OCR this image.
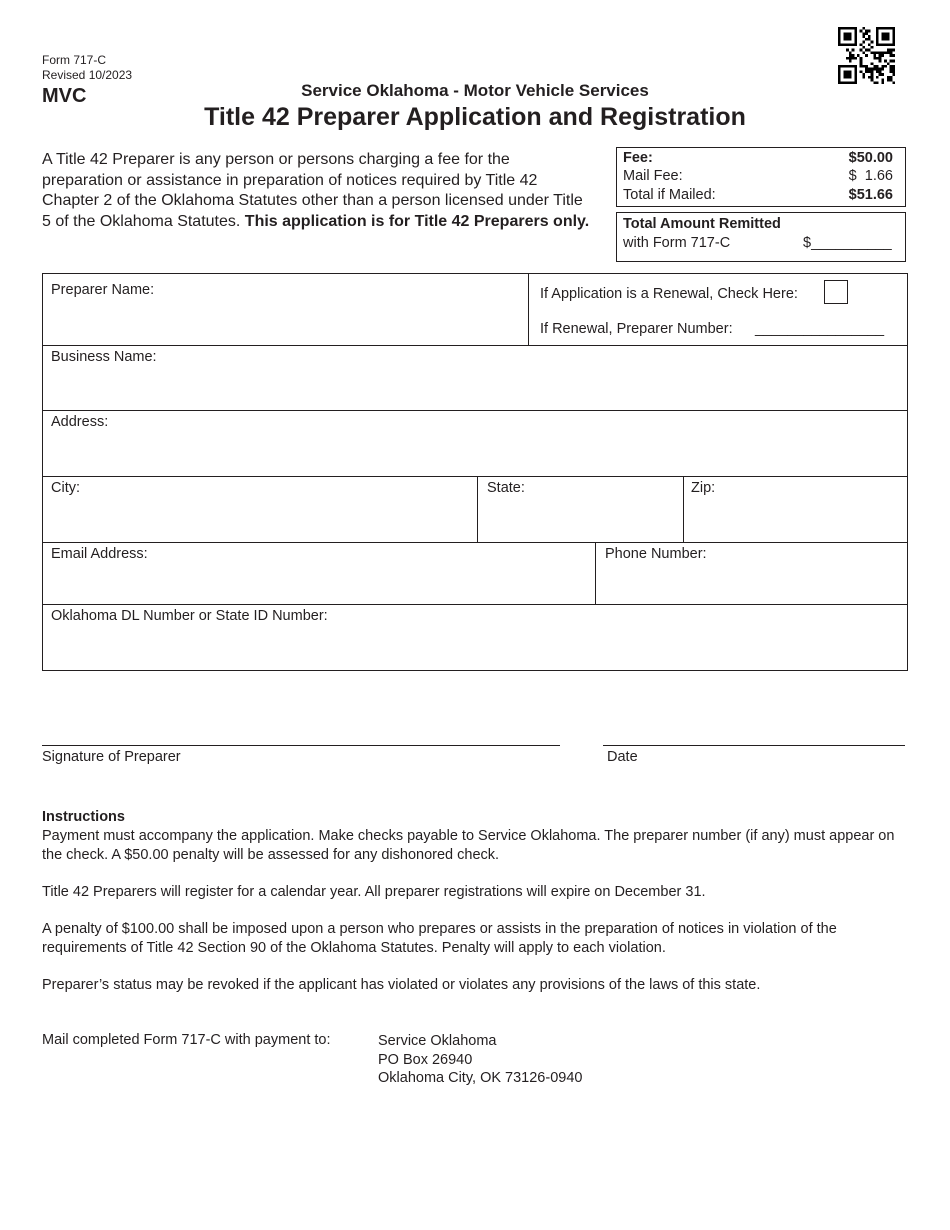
Form 717-C
Revised 10/2023
MVC	Service Oklahoma - Motor Vehicle Services
Title 42 Preparer Application and Registration
A Title 42 Preparer is any person or persons charging a fee for the preparation or assistance in preparation of notices required by Title 42 Chapter 2 of the Oklahoma Statutes other than a person licensed under Title 5 of the Oklahoma Statutes. This application is for Title 42 Preparers only.
Fee:	$50.00
Mail Fee:	$  1.66
Total if Mailed:	$51.66
Total Amount Remitted
with Form 717-C	$__________
Preparer Name:	If Application is a Renewal, Check Here:
If Renewal, Preparer Number: ________________
Business Name:
Address:
City:	State:	Zip:
Email Address:	Phone Number:
Oklahoma DL Number or State ID Number:
Signature of Preparer	Date
Instructions
Payment must accompany the application. Make checks payable to Service Oklahoma. The preparer number (if any) must appear on the check. A $50.00 penalty will be assessed for any dishonored check.
Title 42 Preparers will register for a calendar year. All preparer registrations will expire on December 31.
A penalty of $100.00 shall be imposed upon a person who prepares or assists in the preparation of notices in violation of the requirements of Title 42 Section 90 of the Oklahoma Statutes. Penalty will apply to each violation.
Preparer’s status may be revoked if the applicant has violated or violates any provisions of the laws of this state.
Mail completed Form 717-C with payment to:	Service Oklahoma
PO Box 26940
Oklahoma City, OK 73126-0940
